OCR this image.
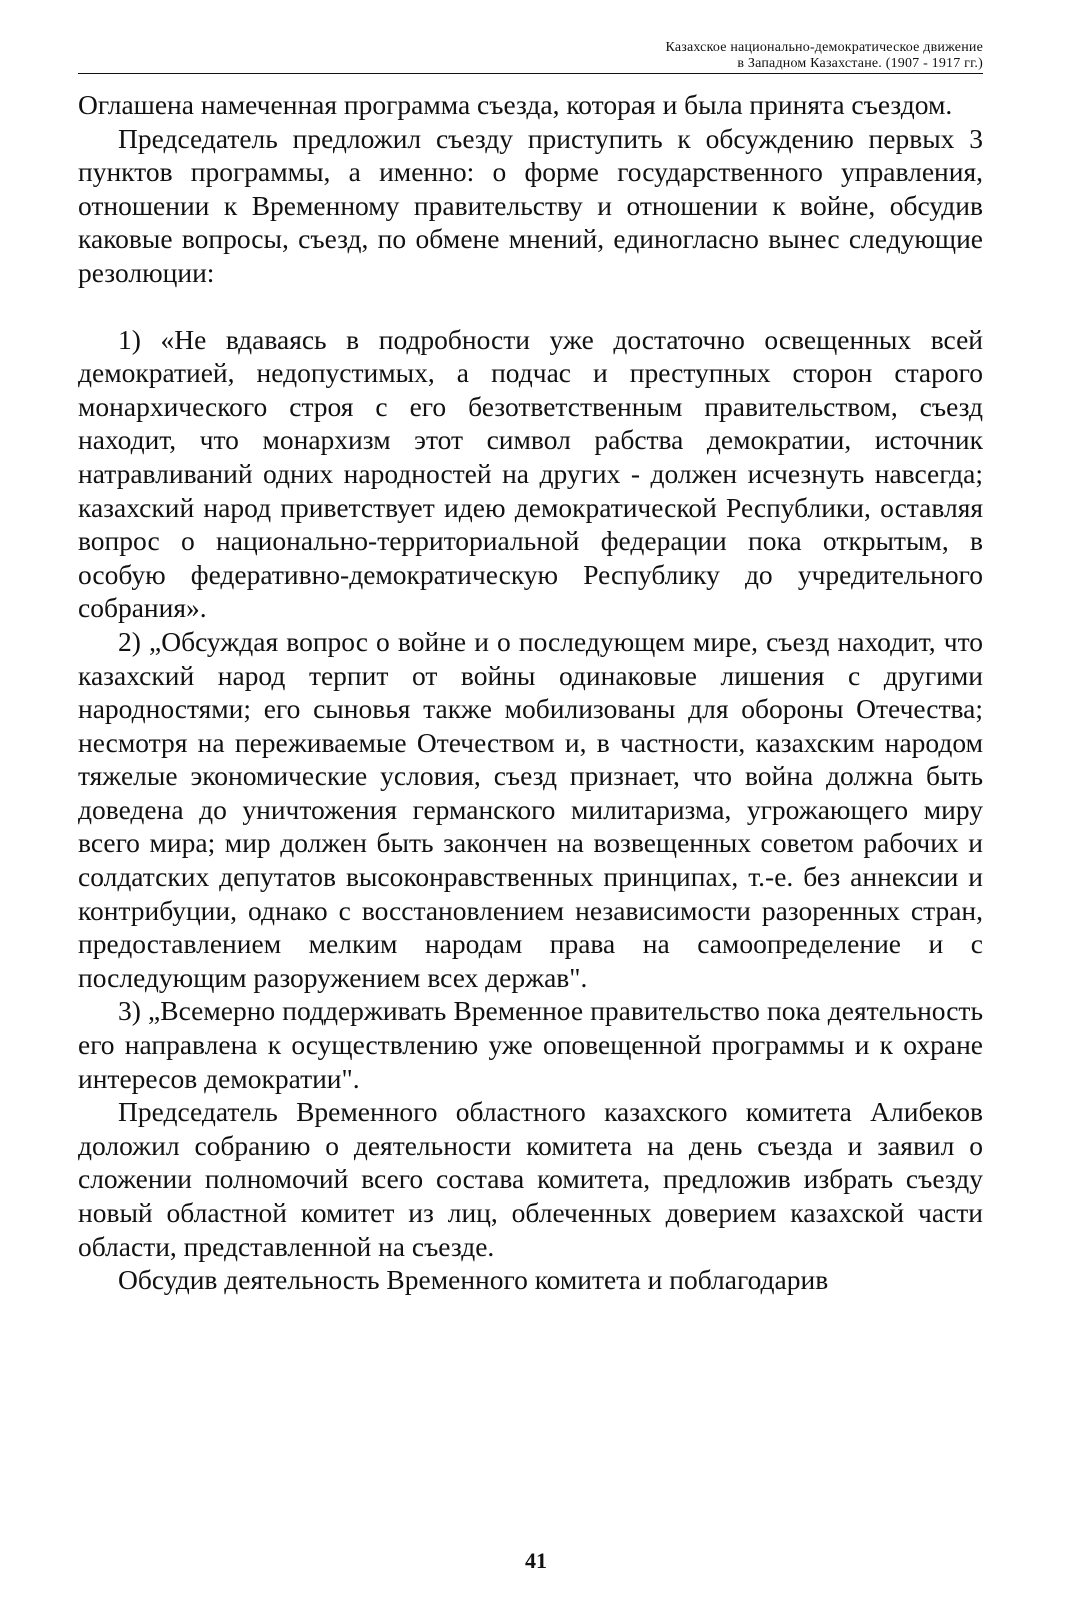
Казахское национально-демократическое движение
в Западном Казахстане. (1907 - 1917 гг.)

Оглашена намеченная программа съезда, которая и была принята съездом.

Председатель предложил съезду приступить к обсуждению первых 3 пунктов программы, а именно: о форме государственного управления, отношении к Временному правительству и отношении к войне, обсудив каковые вопросы, съезд, по обмене мнений, единогласно вынес следующие резолюции:

1) «Не вдаваясь в подробности уже достаточно освещенных всей демократией, недопустимых, а подчас и преступных сторон старого монархического строя с его безответственным правительством, съезд находит, что монархизм этот символ рабства демократии, источник натравливаний одних народностей на других - должен исчезнуть навсегда; казахский народ приветствует идею демократической Республики, оставляя вопрос о национально-территориальной федерации пока открытым, в особую федеративно-демократическую Республику до учредительного собрания».

2) „Обсуждая вопрос о войне и о последующем мире, съезд находит, что казахский народ терпит от войны одинаковые лишения с другими народностями; его сыновья также мобилизованы для обороны Отечества; несмотря на переживаемые Отечеством и, в частности, казахским народом тяжелые экономические условия, съезд признает, что война должна быть доведена до уничтожения германского милитаризма, угрожающего миру всего мира; мир должен быть закончен на возвещенных советом рабочих и солдатских депутатов высоконравственных принципах, т.-е. без аннексии и контрибуции, однако с восстановлением независимости разоренных стран, предоставлением мелким народам права на самоопределение и с последующим разоружением всех держав".

3) „Всемерно поддерживать Временное правительство пока деятельность его направлена к осуществлению уже оповещенной программы и к охране интересов демократии".

Председатель Временного областного казахского комитета Алибеков доложил собранию о деятельности комитета на день съезда и заявил о сложении полномочий всего состава комитета, предложив избрать съезду новый областной комитет из лиц, облеченных доверием казахской части области, представленной на съезде.

Обсудив деятельность Временного комитета и поблагодарив

41
